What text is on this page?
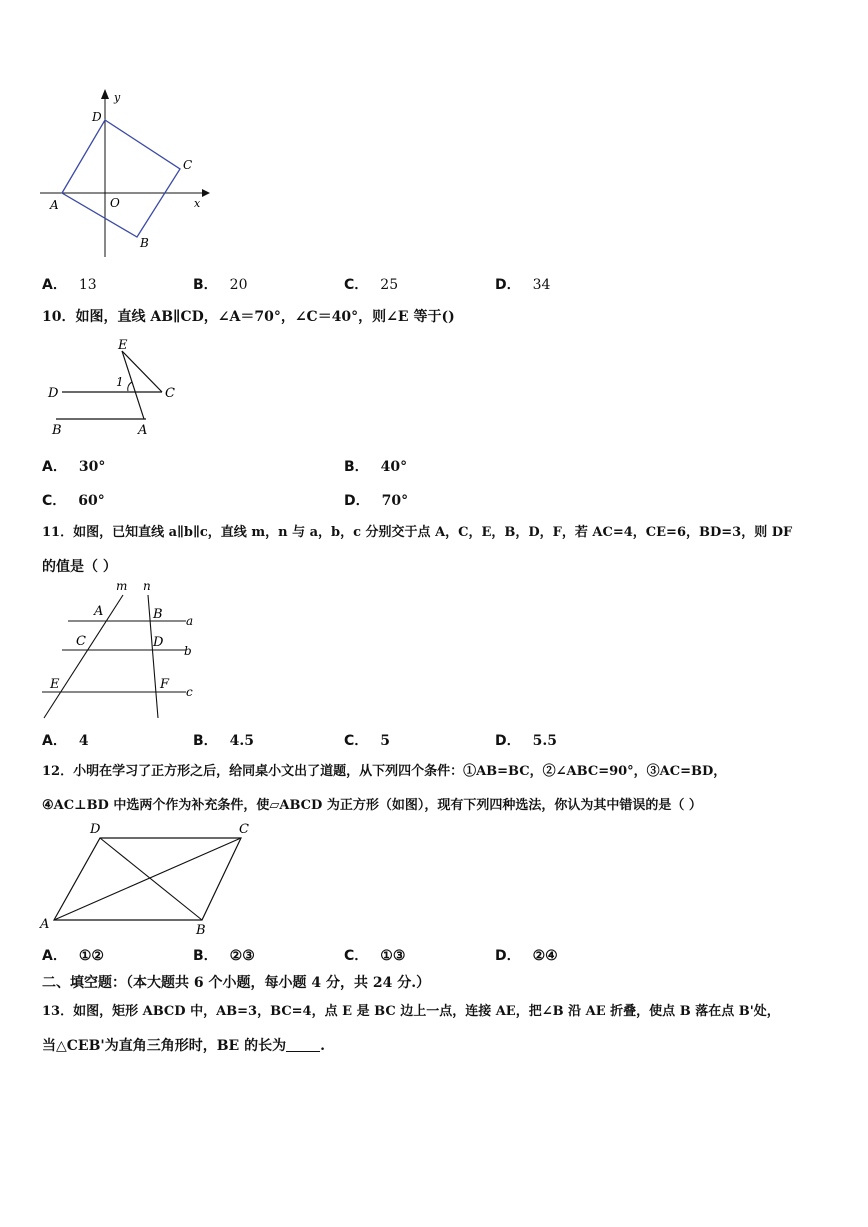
y
x
D
C
A	O
B
A． 13	B． 20	C． 25	D． 34
10．如图，直线 AB∥CD，∠A＝70°，∠C＝40°，则∠E 等于()
E
D
1
C
B	A
A． 30°	B． 40°
C． 60°	D． 70°
11．如图，已知直线 a∥b∥c，直线 m，n 与 a，b，c 分别交于点 A，C，E，B，D，F，若 AC=4，CE=6，BD=3，则 DF
的值是（ ）
m n
A	B a
C	D
b
E	F c
A． 4	B． 4.5	C． 5	D． 5.5
12．小明在学习了正方形之后，给同桌小文出了道题，从下列四个条件：①AB=BC，②∠ABC=90°，③AC=BD，
④AC⊥BD 中选两个作为补充条件，使▱ABCD 为正方形（如图），现有下列四种选法，你认为其中错误的是（ ）
D	C
A	B
A． ①②	B． ②③	C． ①③	D． ②④
二、填空题：（本大题共 6 个小题，每小题 4 分，共 24 分.）
13．如图，矩形 ABCD 中，AB=3，BC=4，点 E 是 BC 边上一点，连接 AE，把∠B 沿 AE 折叠，使点 B 落在点 B'处，
当△CEB'为直角三角形时，BE 的长为 .
